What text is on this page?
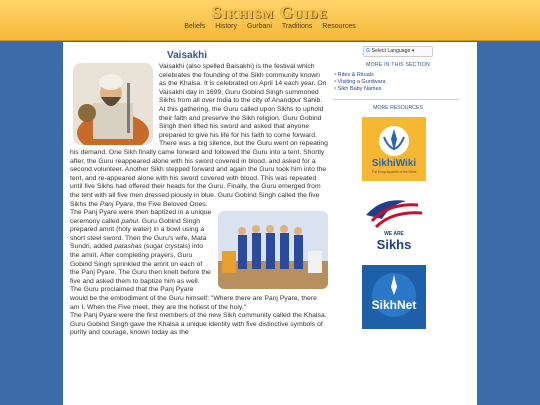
Sikhism Guide
Beliefs History Gurbani Traditions Resources
Vaisakhi

Vaisakhi (also spelled Baisakhi) is the festival which celebrates the founding of the Sikh community known as the Khalsa. It is celebrated on April 14 each year. On Vaisakhi day in 1699, Guru Gobind Singh summoned Sikhs from all over India to the city of Anandpur Sahib. At this gathering, the Guru called upon Sikhs to uphold their faith and preserve the Sikh religion. Guru Gobind Singh then lifted his sword and asked that anyone prepared to give his life for his faith to come forward. There was a big silence, but the Guru went on repeating his demand. One Sikh finally came forward and followed the Guru into a tent. Shortly after, the Guru reappeared alone with his sword covered in blood, and asked for a second volunteer. Another Sikh stepped forward and again the Guru took him into the tent, and re-appeared alone with his sword covered with blood. This was repeated until five Sikhs had offered their heads for the Guru. Finally, the Guru emerged from the tent with all five men dressed piously in blue. Guru Gobind Singh called the five Sikhs the Panj Pyare, the Five Beloved Ones.

The Panj Pyare were then baptized in a unique ceremony called pahul. Guru Gobind Singh prepared amrit (holy water) in a bowl using a short steel sword. Then the Guru's wife, Mata Sundri, added patashas (sugar crystals) into the amrit. After completing prayers, Guru Gobind Singh sprinkled the amrit on each of the Panj Pyare. The Guru then knelt before the five and asked them to baptize him as well. The Guru proclaimed that the Panj Pyare would be the embodiment of the Guru himself: "Where there are Panj Pyare, there am I. When the Five meet, they are the holiest of the holy."

The Panj Pyare were the first members of the new Sikh community called the Khalsa. Guru Gobind Singh gave the Khalsa a unique identity with five distinctive symbols of purity and courage, known today as the

G Select Language ▾
MORE IN THIS SECTION
◆ Rites & Rituals
◆ Visiting a Gurdwara
◆ Sikh Baby Names
MORE RESOURCES
SikhiWiki
The Encyclopaedia of the Sikhs
WE ARE
Sikhs
SikhNet
